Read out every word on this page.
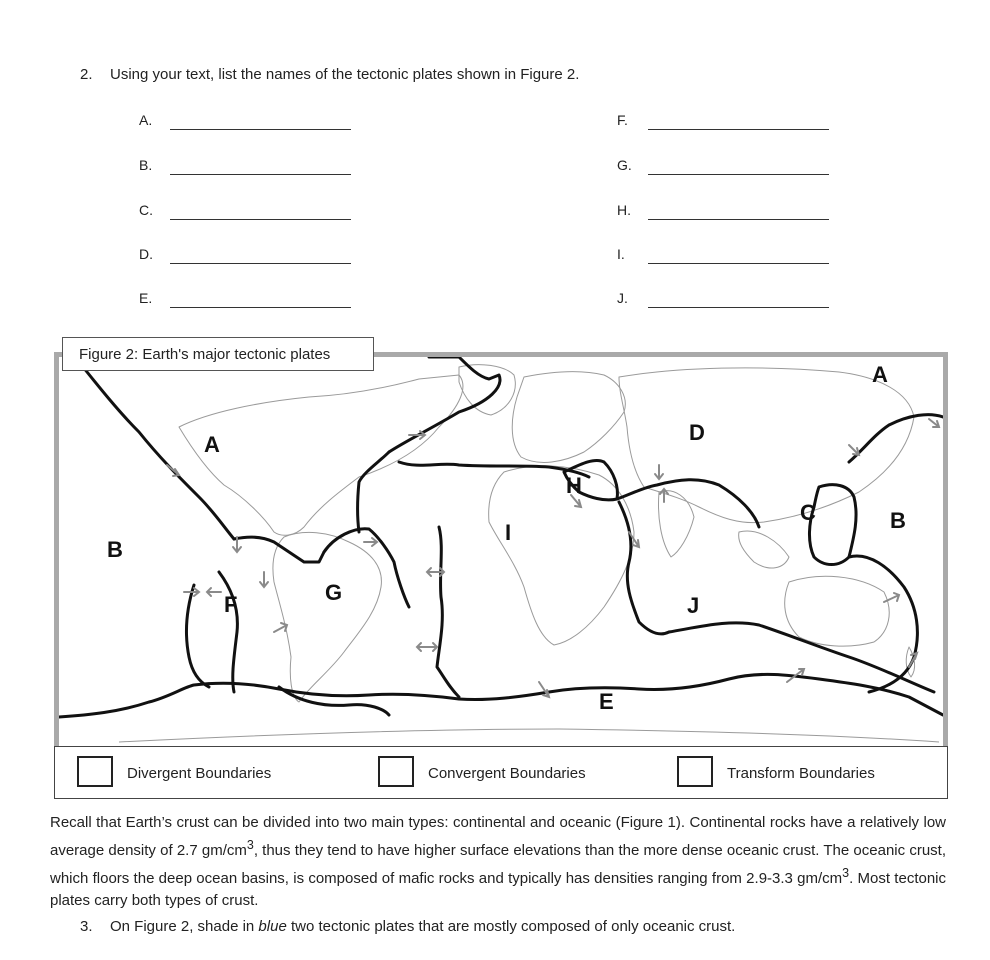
2. Using your text, list the names of the tectonic plates shown in Figure 2.
A.
B.
C.
D.
E.
F.
G.
H.
I.
J.
Figure 2: Earth's major tectonic plates
A
A
B
B
C
D
E
F	G
H
I
J
Divergent Boundaries	Convergent Boundaries	Transform Boundaries
Recall that Earth’s crust can be divided into two main types: continental and oceanic (Figure 1). Continental rocks have a relatively low average density of 2.7 $gm/cm^3$, thus they tend to have higher surface elevations than the more dense oceanic crust. The oceanic crust, which floors the deep ocean basins, is composed of mafic rocks and typically has densities ranging from 2.9-3.3 $gm/cm^3$. Most tectonic plates carry both types of crust.
3. On Figure 2, shade in blue two tectonic plates that are mostly composed of only oceanic crust.
